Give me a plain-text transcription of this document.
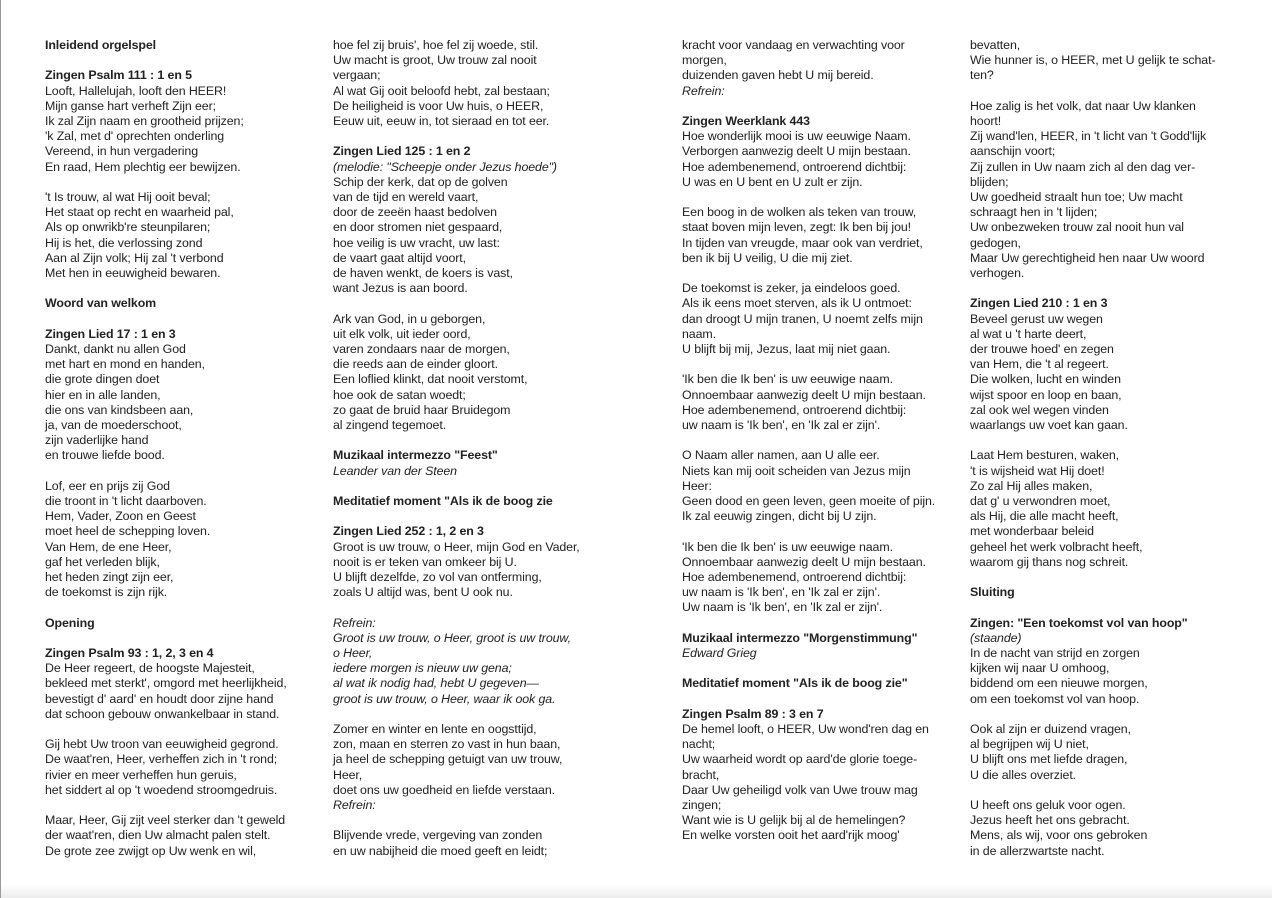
Inleidend orgelspel
Zingen Psalm 111 : 1 en 5
Looft, Hallelujah, looft den HEER!
Mijn ganse hart verheft Zijn eer;
Ik zal Zijn naam en grootheid prijzen;
'k Zal, met d' oprechten onderling
Vereend, in hun vergadering
En raad, Hem plechtig eer bewijzen.
't Is trouw, al wat Hij ooit beval;
Het staat op recht en waarheid pal,
Als op onwrikb're steunpilaren;
Hij is het, die verlossing zond
Aan al Zijn volk; Hij zal 't verbond
Met hen in eeuwigheid bewaren.
Woord van welkom
Zingen Lied 17 : 1 en 3
Dankt, dankt nu allen God
met hart en mond en handen,
die grote dingen doet
hier en in alle landen,
die ons van kindsbeen aan,
ja, van de moederschoot,
zijn vaderlijke hand
en trouwe liefde bood.
Lof, eer en prijs zij God
die troont in 't licht daarboven.
Hem, Vader, Zoon en Geest
moet heel de schepping loven.
Van Hem, de ene Heer,
gaf het verleden blijk,
het heden zingt zijn eer,
de toekomst is zijn rijk.
Opening
Zingen Psalm 93 : 1, 2, 3 en 4
De Heer regeert, de hoogste Majesteit,
bekleed met sterkt', omgord met heerlijkheid,
bevestigt d' aard' en houdt door zijne hand
dat schoon gebouw onwankelbaar in stand.
Gij hebt Uw troon van eeuwigheid gegrond.
De waat'ren, Heer, verheffen zich in 't rond;
rivier en meer verheffen hun geruis,
het siddert al op 't woedend stroomgedruis.
Maar, Heer, Gij zijt veel sterker dan 't geweld
der waat'ren, dien Uw almacht palen stelt.
De grote zee zwijgt op Uw wenk en wil,
hoe fel zij bruis', hoe fel zij woede, stil.
Uw macht is groot, Uw trouw zal nooit
vergaan;
Al wat Gij ooit beloofd hebt, zal bestaan;
De heiligheid is voor Uw huis, o HEER,
Eeuw uit, eeuw in, tot sieraad en tot eer.
Zingen Lied 125 : 1 en 2
(melodie: "Scheepje onder Jezus hoede")
Schip der kerk, dat op de golven
van de tijd en wereld vaart,
door de zeeën haast bedolven
en door stromen niet gespaard,
hoe veilig is uw vracht, uw last:
de vaart gaat altijd voort,
de haven wenkt, de koers is vast,
want Jezus is aan boord.
Ark van God, in u geborgen,
uit elk volk, uit ieder oord,
varen zondaars naar de morgen,
die reeds aan de einder gloort.
Een loflied klinkt, dat nooit verstomt,
hoe ook de satan woedt;
zo gaat de bruid haar Bruidegom
al zingend tegemoet.
Muzikaal intermezzo "Feest"
Leander van der Steen
Meditatief moment "Als ik de boog zie
Zingen Lied 252 : 1, 2 en 3
Groot is uw trouw, o Heer, mijn God en Vader,
nooit is er teken van omkeer bij U.
U blijft dezelfde, zo vol van ontferming,
zoals U altijd was, bent U ook nu.
Refrein:
Groot is uw trouw, o Heer, groot is uw trouw,
o Heer,
iedere morgen is nieuw uw gena;
al wat ik nodig had, hebt U gegeven—
groot is uw trouw, o Heer, waar ik ook ga.
Zomer en winter en lente en oogsttijd,
zon, maan en sterren zo vast in hun baan,
ja heel de schepping getuigt van uw trouw,
Heer,
doet ons uw goedheid en liefde verstaan.
Refrein:
Blijvende vrede, vergeving van zonden
en uw nabijheid die moed geeft en leidt;
kracht voor vandaag en verwachting voor
morgen,
duizenden gaven hebt U mij bereid.
Refrein:
Zingen Weerklank 443
Hoe wonderlijk mooi is uw eeuwige Naam.
Verborgen aanwezig deelt U mijn bestaan.
Hoe adembenemend, ontroerend dichtbij:
U was en U bent en U zult er zijn.
Een boog in de wolken als teken van trouw,
staat boven mijn leven, zegt: Ik ben bij jou!
In tijden van vreugde, maar ook van verdriet,
ben ik bij U veilig, U die mij ziet.
De toekomst is zeker, ja eindeloos goed.
Als ik eens moet sterven, als ik U ontmoet:
dan droogt U mijn tranen, U noemt zelfs mijn
naam.
U blijft bij mij, Jezus, laat mij niet gaan.
'Ik ben die Ik ben' is uw eeuwige naam.
Onnoembaar aanwezig deelt U mijn bestaan.
Hoe adembenemend, ontroerend dichtbij:
uw naam is 'Ik ben', en 'Ik zal er zijn'.
O Naam aller namen, aan U alle eer.
Niets kan mij ooit scheiden van Jezus mijn
Heer:
Geen dood en geen leven, geen moeite of pijn.
Ik zal eeuwig zingen, dicht bij U zijn.
'Ik ben die Ik ben' is uw eeuwige naam.
Onnoembaar aanwezig deelt U mijn bestaan.
Hoe adembenemend, ontroerend dichtbij:
uw naam is 'Ik ben', en 'Ik zal er zijn'.
Uw naam is 'Ik ben', en 'Ik zal er zijn'.
Muzikaal intermezzo "Morgenstimmung"
Edward Grieg
Meditatief moment "Als ik de boog zie"
Zingen Psalm 89 : 3 en 7
De hemel looft, o HEER, Uw wond'ren dag en
nacht;
Uw waarheid wordt op aard'de glorie toege-
bracht,
Daar Uw geheiligd volk van Uwe trouw mag
zingen;
Want wie is U gelijk bij al de hemelingen?
En welke vorsten ooit het aard'rijk moog'
bevatten,
Wie hunner is, o HEER, met U gelijk te schat-
ten?
Hoe zalig is het volk, dat naar Uw klanken
hoort!
Zij wand'len, HEER, in 't licht van 't Godd'lijk
aanschijn voort;
Zij zullen in Uw naam zich al den dag ver-
blijden;
Uw goedheid straalt hun toe; Uw macht
schraagt hen in 't lijden;
Uw onbezweken trouw zal nooit hun val
gedogen,
Maar Uw gerechtigheid hen naar Uw woord
verhogen.
Zingen Lied 210 : 1 en 3
Beveel gerust uw wegen
al wat u 't harte deert,
der trouwe hoed' en zegen
van Hem, die 't al regeert.
Die wolken, lucht en winden
wijst spoor en loop en baan,
zal ook wel wegen vinden
waarlangs uw voet kan gaan.
Laat Hem besturen, waken,
't is wijsheid wat Hij doet!
Zo zal Hij alles maken,
dat g' u verwondren moet,
als Hij, die alle macht heeft,
met wonderbaar beleid
geheel het werk volbracht heeft,
waarom gij thans nog schreit.
Sluiting
Zingen: "Een toekomst vol van hoop"
(staande)
In de nacht van strijd en zorgen
kijken wij naar U omhoog,
biddend om een nieuwe morgen,
om een toekomst vol van hoop.
Ook al zijn er duizend vragen,
al begrijpen wij U niet,
U blijft ons met liefde dragen,
U die alles overziet.
U heeft ons geluk voor ogen.
Jezus heeft het ons gebracht.
Mens, als wij, voor ons gebroken
in de allerzwartste nacht.
